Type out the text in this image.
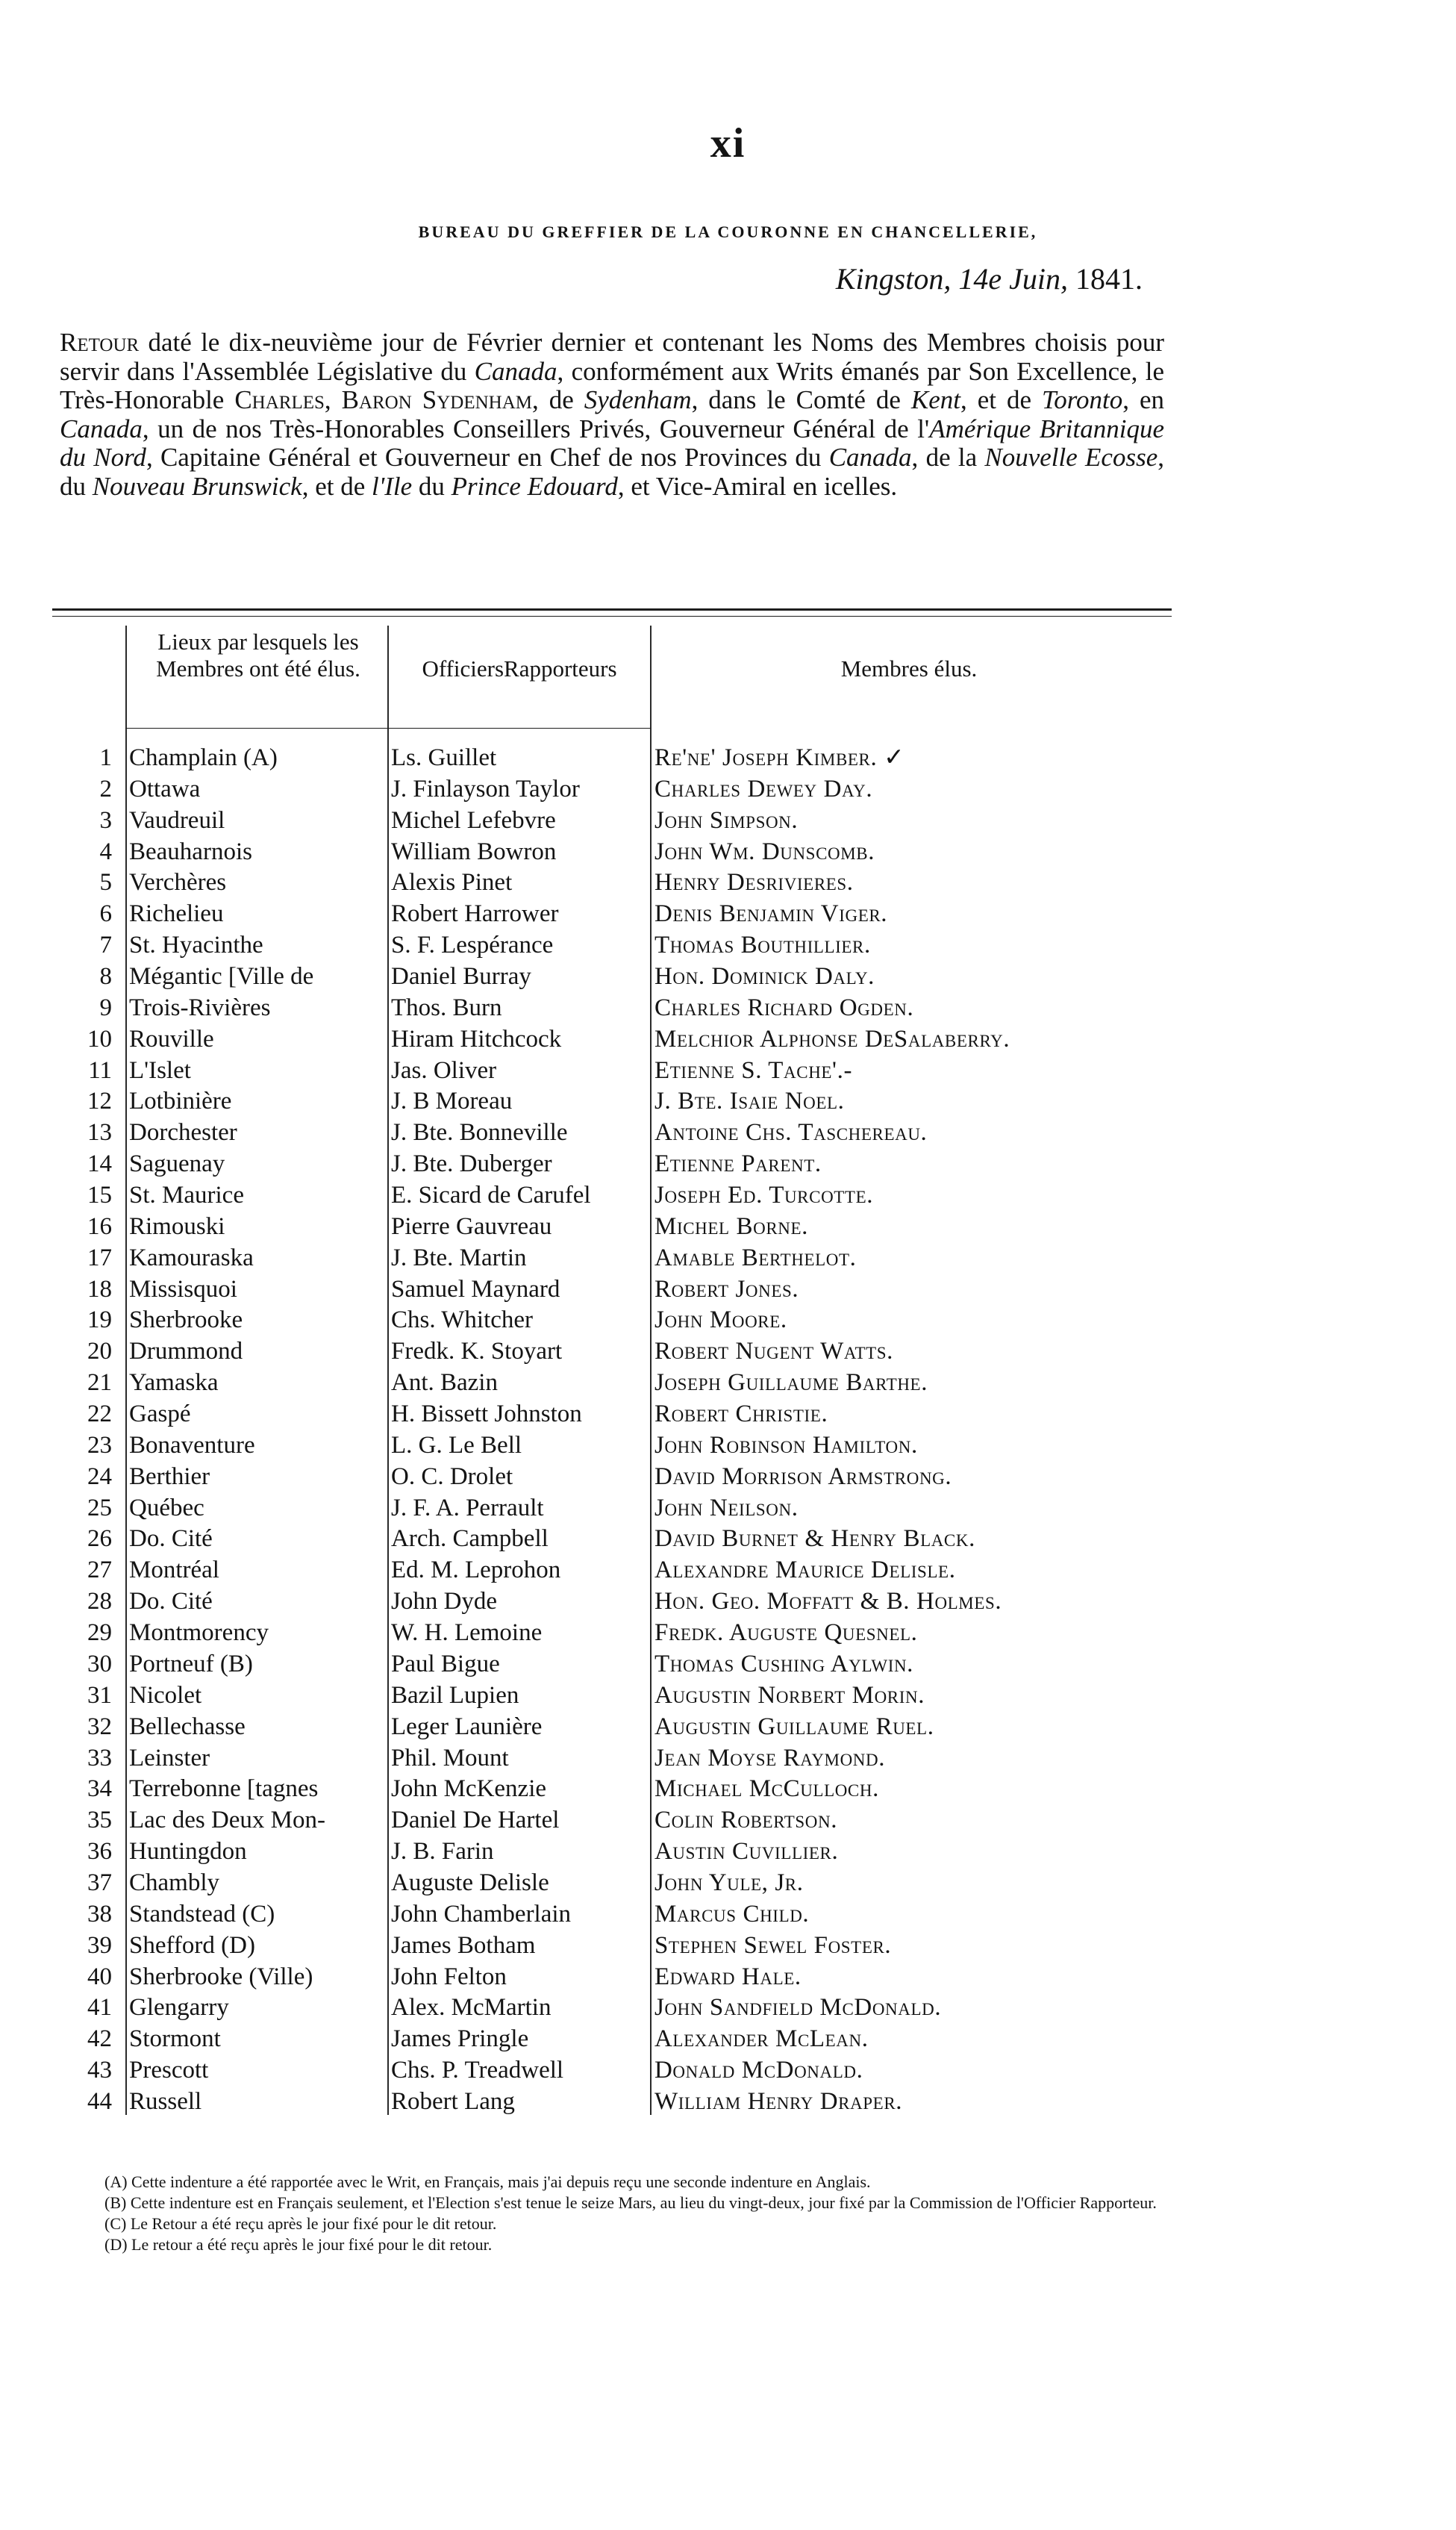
xi
BUREAU DU GREFFIER DE LA COURONNE EN CHANCELLERIE,
Kingston, 14e Juin, 1841.
Retour daté le dix-neuvième jour de Février dernier et contenant les Noms des Membres choisis pour servir dans l'Assemblée Législative du Canada, conformément aux Writs émanés par Son Excellence, le Très-Honorable Charles, Baron Sydenham, de Sydenham, dans le Comté de Kent, et de Toronto, en Canada, un de nos Très-Honorables Conseillers Privés, Gouverneur Général de l'Amérique Britannique du Nord, Capitaine Général et Gouverneur en Chef de nos Provinces du Canada, de la Nouvelle Ecosse, du Nouveau Brunswick, et de l'Ile du Prince Edouard, et Vice-Amiral en icelles.
Lieux par lesquels les Membres ont été élus.	OfficiersRapporteurs	Membres élus.
1 Champlain (A)	Ls. Guillet	Re'ne' Joseph Kimber. ✓
2 Ottawa	J. Finlayson Taylor	Charles Dewey Day.
3 Vaudreuil	Michel Lefebvre	John Simpson.
4 Beauharnois	William Bowron	John Wm. Dunscomb.
5 Verchères	Alexis Pinet	Henry Desrivieres.
6 Richelieu	Robert Harrower	Denis Benjamin Viger.
7 St. Hyacinthe	S. F. Lespérance	Thomas Bouthillier.
8 Mégantic [Ville de	Daniel Burray	Hon. Dominick Daly.
9 Trois-Rivières	Thos. Burn	Charles Richard Ogden.
10 Rouville	Hiram Hitchcock	Melchior Alphonse DeSalaberry.
11 L'Islet	Jas. Oliver	Etienne S. Tache'.-
12 Lotbinière	J. B Moreau	J. Bte. Isaie Noel.
13 Dorchester	J. Bte. Bonneville	Antoine Chs. Taschereau.
14 Saguenay	J. Bte. Duberger	Etienne Parent.
15 St. Maurice	E. Sicard de Carufel	Joseph Ed. Turcotte.
16 Rimouski	Pierre Gauvreau	Michel Borne.
17 Kamouraska	J. Bte. Martin	Amable Berthelot.
18 Missisquoi	Samuel Maynard	Robert Jones.
19 Sherbrooke	Chs. Whitcher	John Moore.
20 Drummond	Fredk. K. Stoyart	Robert Nugent Watts.
21 Yamaska	Ant. Bazin	Joseph Guillaume Barthe.
22 Gaspé	H. Bissett Johnston	Robert Christie.
23 Bonaventure	L. G. Le Bell	John Robinson Hamilton.
24 Berthier	O. C. Drolet	David Morrison Armstrong.
25 Québec	J. F. A. Perrault	John Neilson.
26 Do. Cité	Arch. Campbell	David Burnet & Henry Black.
27 Montréal	Ed. M. Leprohon	Alexandre Maurice Delisle.
28 Do. Cité	John Dyde	Hon. Geo. Moffatt & B. Holmes.
29 Montmorency	W. H. Lemoine	Fredk. Auguste Quesnel.
30 Portneuf (B)	Paul Bigue	Thomas Cushing Aylwin.
31 Nicolet	Bazil Lupien	Augustin Norbert Morin.
32 Bellechasse	Leger Launière	Augustin Guillaume Ruel.
33 Leinster	Phil. Mount	Jean Moyse Raymond.
34 Terrebonne [tagnes	John McKenzie	Michael McCulloch.
35 Lac des Deux Mon-	Daniel De Hartel	Colin Robertson.
36 Huntingdon	J. B. Farin	Austin Cuvillier.
37 Chambly	Auguste Delisle	John Yule, Jr.
38 Standstead (C)	John Chamberlain	Marcus Child.
39 Shefford (D)	James Botham	Stephen Sewel Foster.
40 Sherbrooke (Ville)	John Felton	Edward Hale.
41 Glengarry	Alex. McMartin	John Sandfield McDonald.
42 Stormont	James Pringle	Alexander McLean.
43 Prescott	Chs. P. Treadwell	Donald McDonald.
44 Russell	Robert Lang	William Henry Draper.

(A) Cette indenture a été rapportée avec le Writ, en Français, mais j'ai depuis reçu une seconde indenture en Anglais.

(B) Cette indenture est en Français seulement, et l'Election s'est tenue le seize Mars, au lieu du vingt-deux, jour fixé par la Commission de l'Officier Rapporteur.

(C) Le Retour a été reçu après le jour fixé pour le dit retour.

(D) Le retour a été reçu après le jour fixé pour le dit retour.
